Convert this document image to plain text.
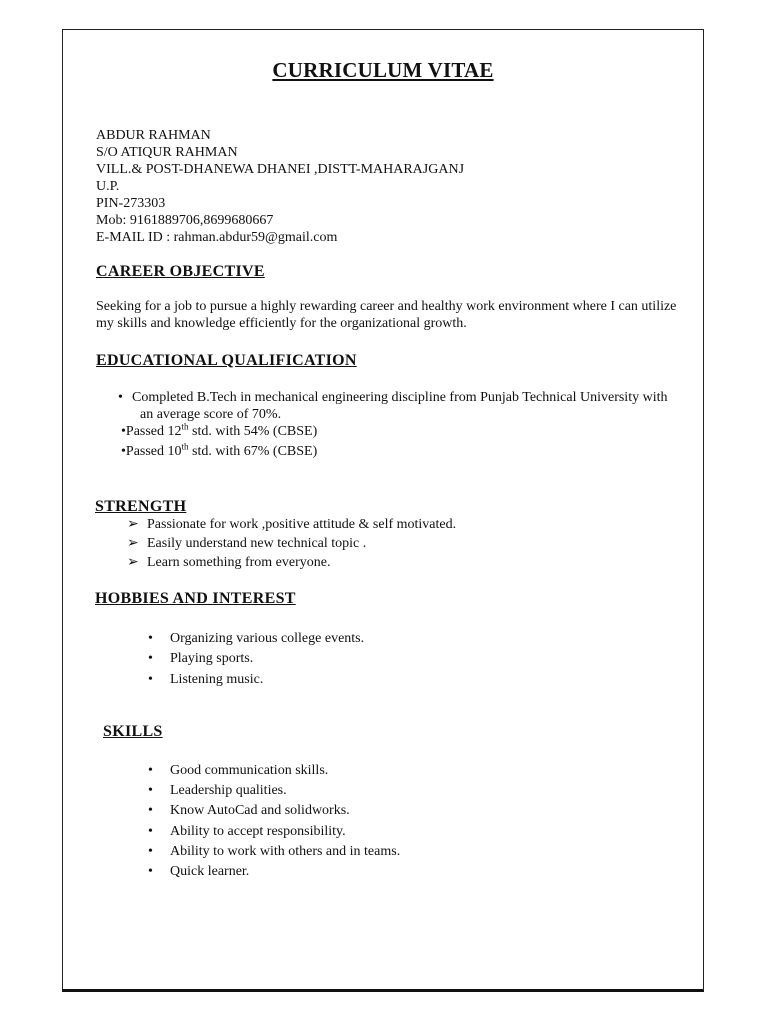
CURRICULUM VITAE
ABDUR RAHMAN
S/O ATIQUR RAHMAN
VILL.& POST-DHANEWA DHANEI ,DISTT-MAHARAJGANJ
U.P.
PIN-273303
Mob: 9161889706,8699680667
E-MAIL ID : rahman.abdur59@gmail.com
CAREER OBJECTIVE
Seeking for a job to pursue a highly rewarding career and healthy work environment where I can utilize my skills and knowledge efficiently for the organizational growth.
EDUCATIONAL QUALIFICATION
• Completed B.Tech in mechanical engineering discipline from Punjab Technical University with
an average score of 70%.
•Passed 12th std. with 54% (CBSE)
•Passed 10th std. with 67% (CBSE)
STRENGTH
➢ Passionate for work ,positive attitude & self motivated.
➢ Easily understand new technical topic .
➢ Learn something from everyone.
HOBBIES AND INTEREST
• Organizing various college events.
• Playing sports.
• Listening music.
SKILLS
• Good communication skills.
• Leadership qualities.
• Know AutoCad and solidworks.
• Ability to accept responsibility.
• Ability to work with others and in teams.
• Quick learner.
